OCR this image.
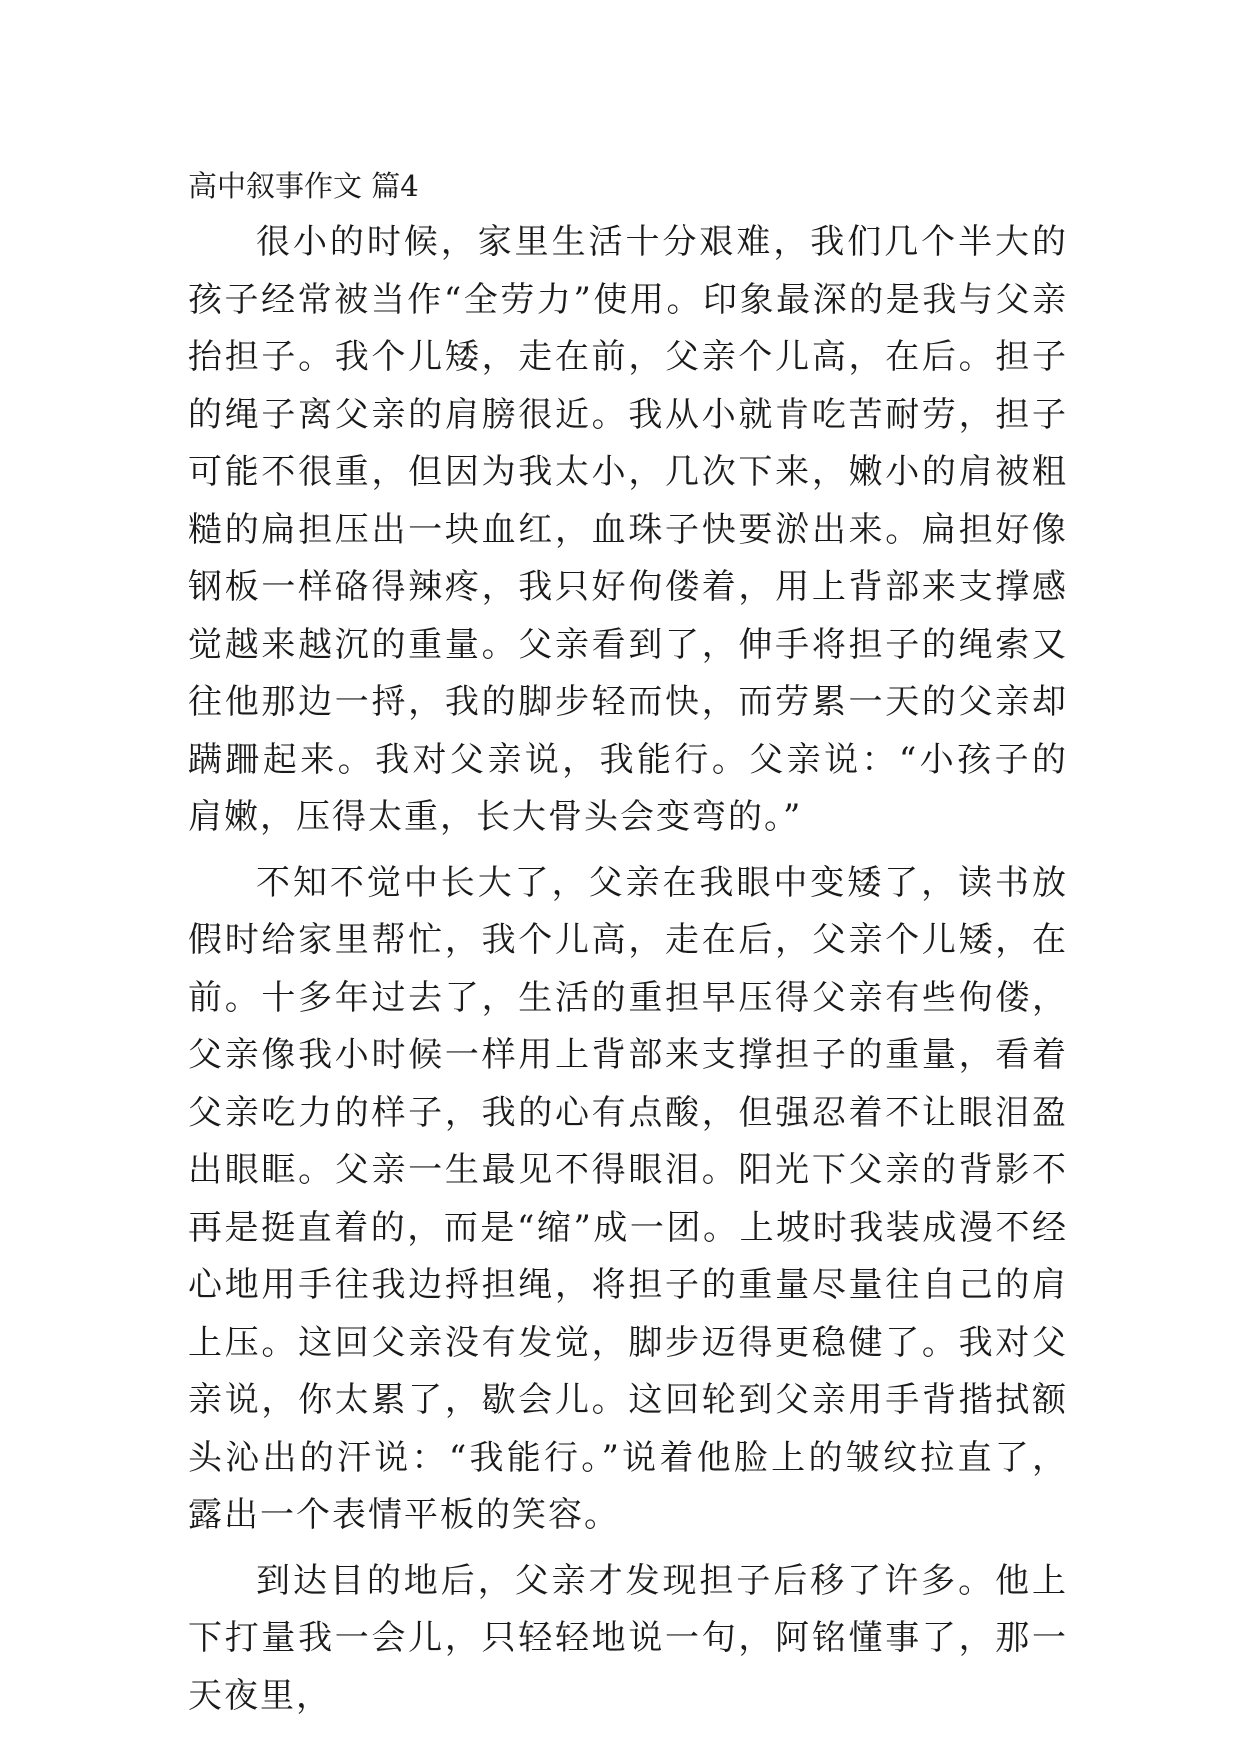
高中叙事作文 篇4

很小的时候，家里生活十分艰难，我们几个半大的孩子经常被当作“全劳力”使用。印象最深的是我与父亲抬担子。我个儿矮，走在前，父亲个儿高，在后。担子的绳子离父亲的肩膀很近。我从小就肯吃苦耐劳，担子可能不很重，但因为我太小，几次下来，嫩小的肩被粗糙的扁担压出一块血红，血珠子快要淤出来。扁担好像钢板一样硌得辣疼，我只好佝偻着，用上背部来支撑感觉越来越沉的重量。父亲看到了，伸手将担子的绳索又往他那边一捋，我的脚步轻而快，而劳累一天的父亲却蹒跚起来。我对父亲说，我能行。父亲说：“小孩子的肩嫩，压得太重，长大骨头会变弯的。”

不知不觉中长大了，父亲在我眼中变矮了，读书放假时给家里帮忙，我个儿高，走在后，父亲个儿矮，在前。十多年过去了，生活的重担早压得父亲有些佝偻，父亲像我小时候一样用上背部来支撑担子的重量，看着父亲吃力的样子，我的心有点酸，但强忍着不让眼泪盈出眼眶。父亲一生最见不得眼泪。阳光下父亲的背影不再是挺直着的，而是“缩”成一团。上坡时我装成漫不经心地用手往我边捋担绳，将担子的重量尽量往自己的肩上压。这回父亲没有发觉，脚步迈得更稳健了。我对父亲说，你太累了，歇会儿。这回轮到父亲用手背揩拭额头沁出的汗说：“我能行。”说着他脸上的皱纹拉直了，露出一个表情平板的笑容。

到达目的地后，父亲才发现担子后移了许多。他上下打量我一会儿，只轻轻地说一句，阿铭懂事了，那一天夜里，
